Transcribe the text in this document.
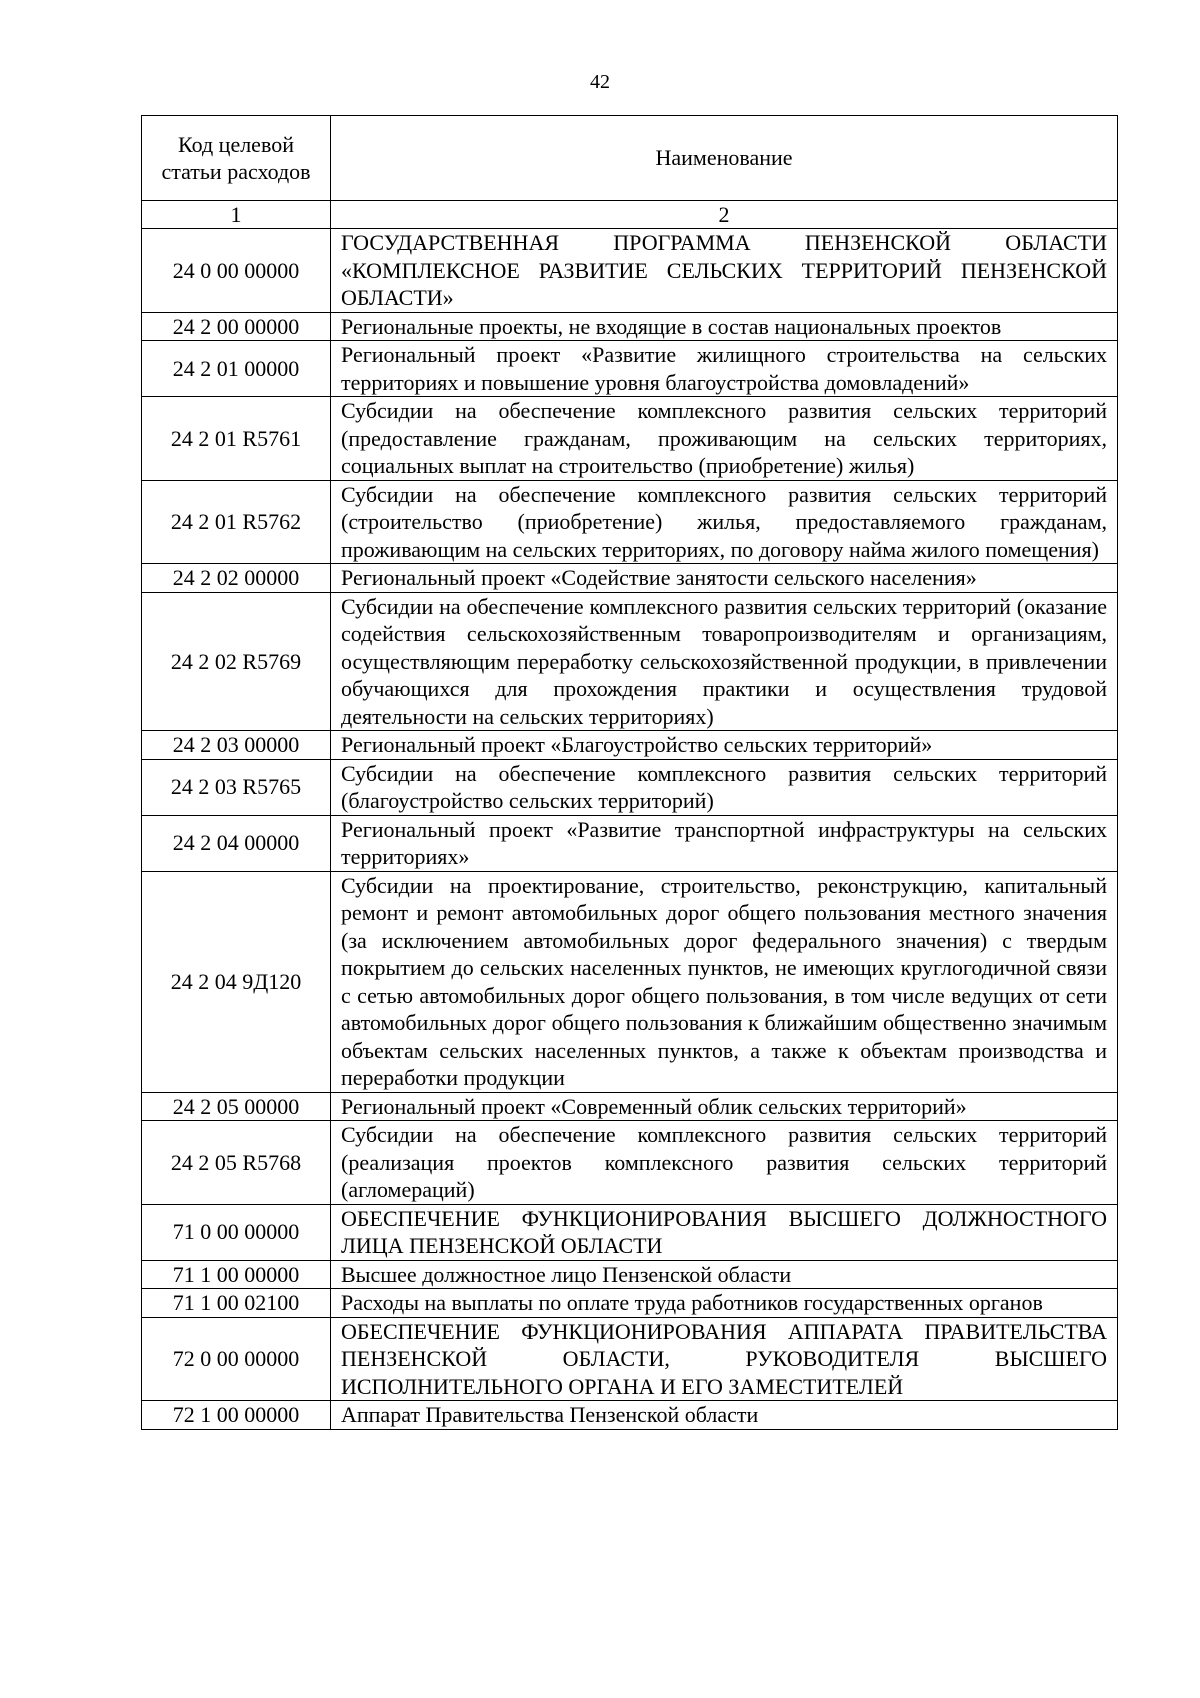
42
Код целевой статьи расходов	Наименование
1	2
24 0 00 00000	ГОСУДАРСТВЕННАЯ ПРОГРАММА ПЕНЗЕНСКОЙ ОБЛАСТИ «КОМПЛЕКСНОЕ РАЗВИТИЕ СЕЛЬСКИХ ТЕРРИТОРИЙ ПЕНЗЕНСКОЙ ОБЛАСТИ»
24 2 00 00000	Региональные проекты, не входящие в состав национальных проектов
24 2 01 00000	Региональный проект «Развитие жилищного строительства на сельских территориях и повышение уровня благоустройства домовладений»
24 2 01 R5761	Субсидии на обеспечение комплексного развития сельских территорий (предоставление гражданам, проживающим на сельских территориях, социальных выплат на строительство (приобретение) жилья)
24 2 01 R5762	Субсидии на обеспечение комплексного развития сельских территорий (строительство (приобретение) жилья, предоставляемого гражданам, проживающим на сельских территориях, по договору найма жилого помещения)
24 2 02 00000	Региональный проект «Содействие занятости сельского населения»
24 2 02 R5769	Субсидии на обеспечение комплексного развития сельских территорий (оказание содействия сельскохозяйственным товаропроизводителям и организациям, осуществляющим переработку сельскохозяйственной продукции, в привлечении обучающихся для прохождения практики и осуществления трудовой деятельности на сельских территориях)
24 2 03 00000	Региональный проект «Благоустройство сельских территорий»
24 2 03 R5765	Субсидии на обеспечение комплексного развития сельских территорий (благоустройство сельских территорий)
24 2 04 00000	Региональный проект «Развитие транспортной инфраструктуры на сельских территориях»
24 2 04 9Д120	Субсидии на проектирование, строительство, реконструкцию, капитальный ремонт и ремонт автомобильных дорог общего пользования местного значения (за исключением автомобильных дорог федерального значения) с твердым покрытием до сельских населенных пунктов, не имеющих круглогодичной связи с сетью автомобильных дорог общего пользования, в том числе ведущих от сети автомобильных дорог общего пользования к ближайшим общественно значимым объектам сельских населенных пунктов, а также к объектам производства и переработки продукции
24 2 05 00000	Региональный проект «Современный облик сельских территорий»
24 2 05 R5768	Субсидии на обеспечение комплексного развития сельских территорий (реализация проектов комплексного развития сельских территорий (агломераций)
71 0 00 00000	ОБЕСПЕЧЕНИЕ ФУНКЦИОНИРОВАНИЯ ВЫСШЕГО ДОЛЖНОСТНОГО ЛИЦА ПЕНЗЕНСКОЙ ОБЛАСТИ
71 1 00 00000	Высшее должностное лицо Пензенской области
71 1 00 02100	Расходы на выплаты по оплате труда работников государственных органов
72 0 00 00000	ОБЕСПЕЧЕНИЕ ФУНКЦИОНИРОВАНИЯ АППАРАТА ПРАВИТЕЛЬСТВА ПЕНЗЕНСКОЙ ОБЛАСТИ, РУКОВОДИТЕЛЯ ВЫСШЕГО ИСПОЛНИТЕЛЬНОГО ОРГАНА И ЕГО ЗАМЕСТИТЕЛЕЙ
72 1 00 00000	Аппарат Правительства Пензенской области
